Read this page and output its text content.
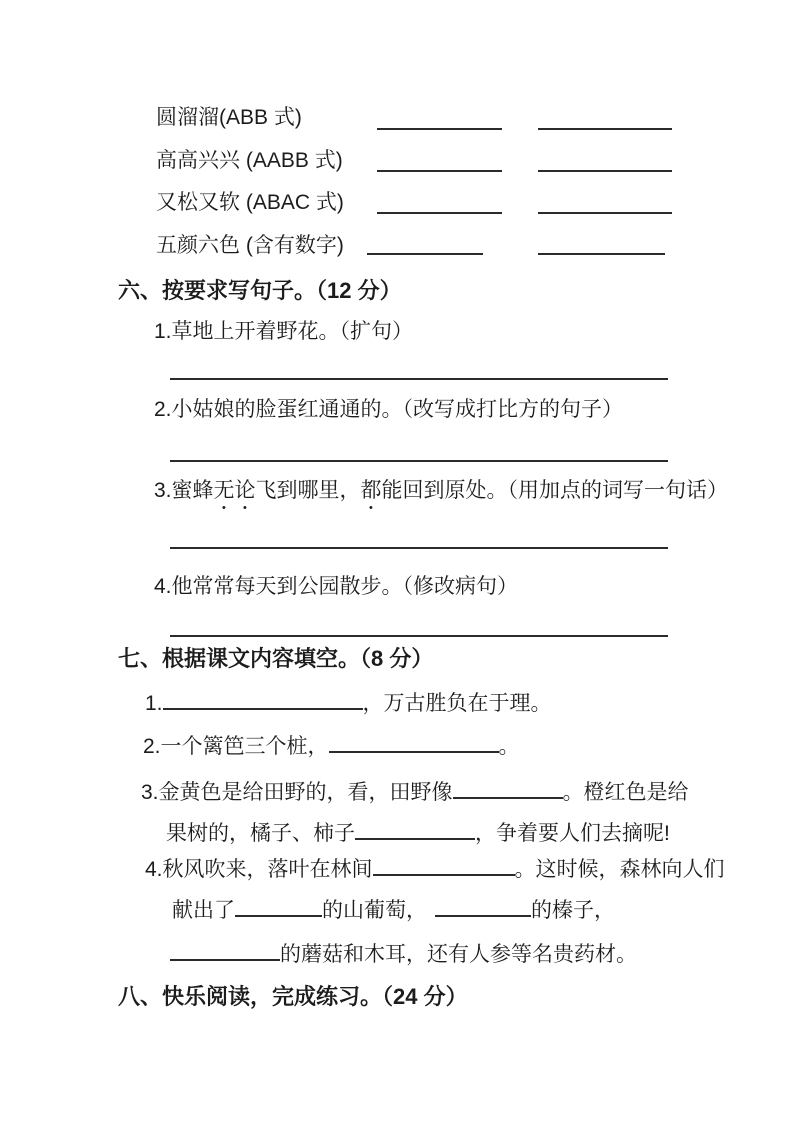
圆溜溜(ABB 式)
高高兴兴 (AABB 式)
又松又软 (ABAC 式)
五颜六色 (含有数字)
六、按要求写句子。（12 分）
1.草地上开着野花。（扩句）
2.小姑娘的脸蛋红通通的。（改写成打比方的句子）
3.蜜蜂无论飞到哪里，都能回到原处。（用加点的词写一句话）
4.他常常每天到公园散步。（修改病句）
七、根据课文内容填空。（8 分）
1.	，万古胜负在于理。
2.一个篱笆三个桩，	。
3.金黄色是给田野的，看，田野像	。橙红色是给
果树的，橘子、柿子	，争着要人们去摘呢!
4.秋风吹来，落叶在林间	。这时候，森林向人们
献出了	的山葡萄，	的榛子，
的蘑菇和木耳，还有人参等名贵药材。
八、快乐阅读，完成练习。（24 分）
